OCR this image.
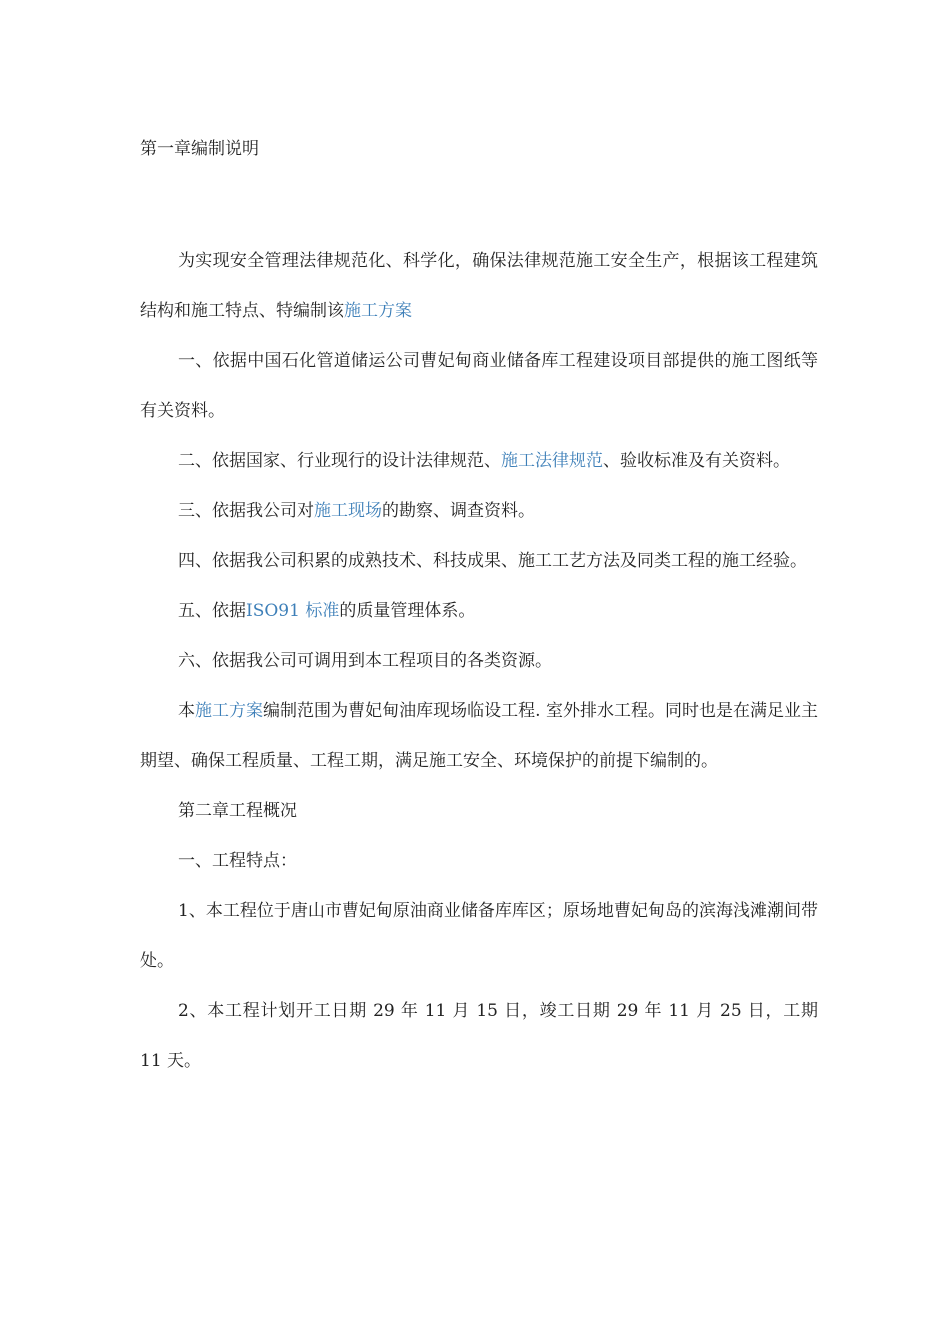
第一章编制说明

为实现安全管理法律规范化、科学化，确保法律规范施工安全生产，根据该工程建筑结构和施工特点、特编制该施工方案

一、依据中国石化管道储运公司曹妃甸商业储备库工程建设项目部提供的施工图纸等有关资料。

二、依据国家、行业现行的设计法律规范、施工法律规范、验收标准及有关资料。

三、依据我公司对施工现场的勘察、调查资料。

四、依据我公司积累的成熟技术、科技成果、施工工艺方法及同类工程的施工经验。

五、依据ISO91 标准的质量管理体系。

六、依据我公司可调用到本工程项目的各类资源。

本施工方案编制范围为曹妃甸油库现场临设工程. 室外排水工程。同时也是在满足业主期望、确保工程质量、工程工期，满足施工安全、环境保护的前提下编制的。

第二章工程概况

一、工程特点：

1、本工程位于唐山市曹妃甸原油商业储备库库区；原场地曹妃甸岛的滨海浅滩潮间带处。

2、本工程计划开工日期 29 年 11 月 15 日，竣工日期 29 年 11 月 25 日，工期 11 天。
